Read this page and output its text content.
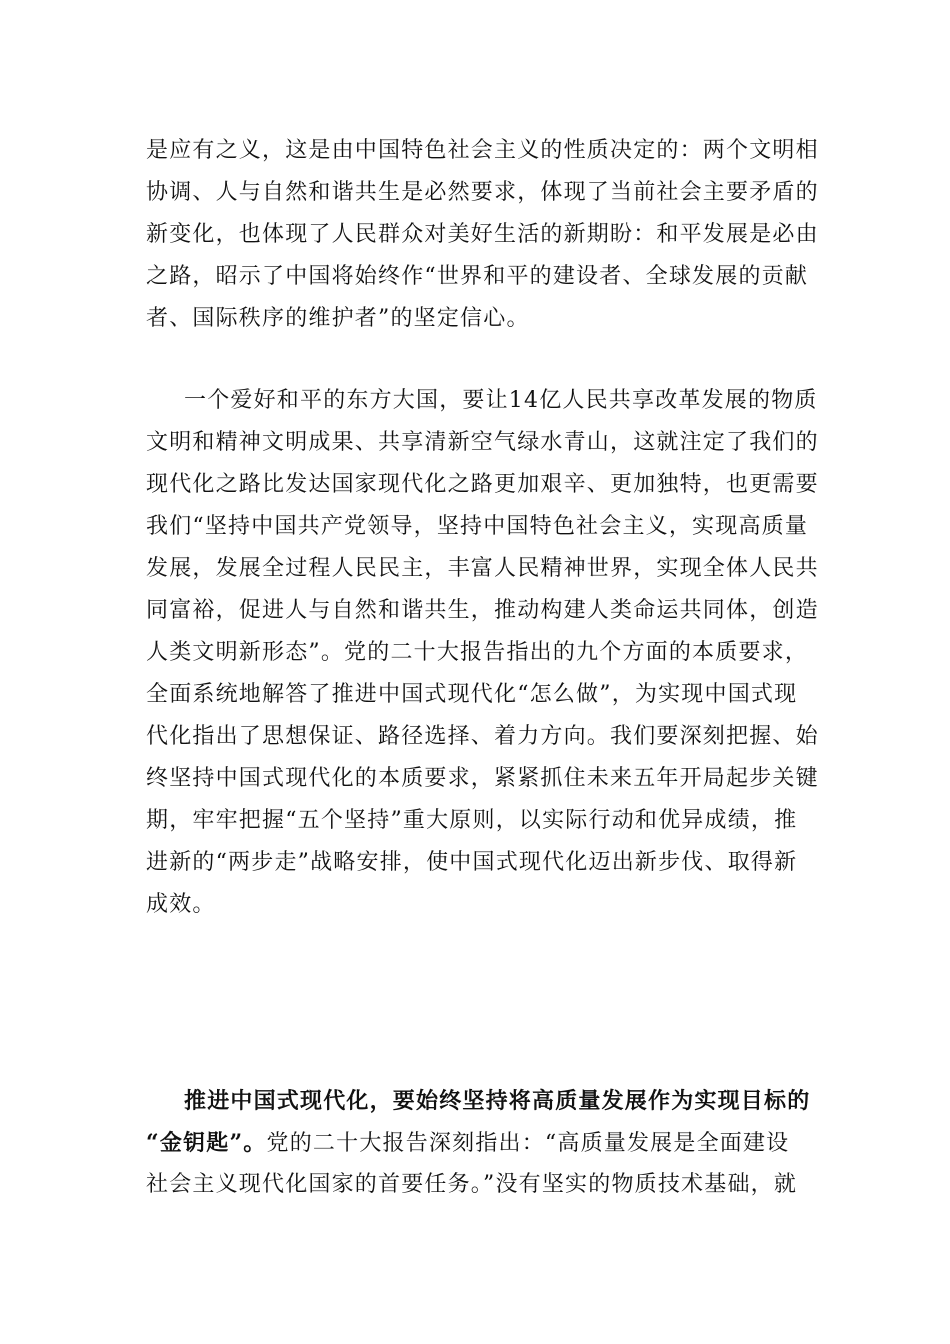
是应有之义，这是由中国特色社会主义的性质决定的：两个文明相
协调、人与自然和谐共生是必然要求，体现了当前社会主要矛盾的
新变化，也体现了人民群众对美好生活的新期盼：和平发展是必由
之路，昭示了中国将始终作“世界和平的建设者、全球发展的贡献
者、国际秩序的维护者”的坚定信心。
一个爱好和平的东方大国，要让14亿人民共享改革发展的物质
文明和精神文明成果、共享清新空气绿水青山，这就注定了我们的
现代化之路比发达国家现代化之路更加艰辛、更加独特，也更需要
我们“坚持中国共产党领导，坚持中国特色社会主义，实现高质量
发展，发展全过程人民民主，丰富人民精神世界，实现全体人民共
同富裕，促进人与自然和谐共生，推动构建人类命运共同体，创造
人类文明新形态”。党的二十大报告指出的九个方面的本质要求，
全面系统地解答了推进中国式现代化“怎么做”，为实现中国式现
代化指出了思想保证、路径选择、着力方向。我们要深刻把握、始
终坚持中国式现代化的本质要求，紧紧抓住未来五年开局起步关键
期，牢牢把握“五个坚持”重大原则，以实际行动和优异成绩，推
进新的“两步走”战略安排，使中国式现代化迈出新步伐、取得新
成效。
推进中国式现代化，要始终坚持将高质量发展作为实现目标的
“金钥匙”。党的二十大报告深刻指出：“高质量发展是全面建设
社会主义现代化国家的首要任务。”没有坚实的物质技术基础，就
